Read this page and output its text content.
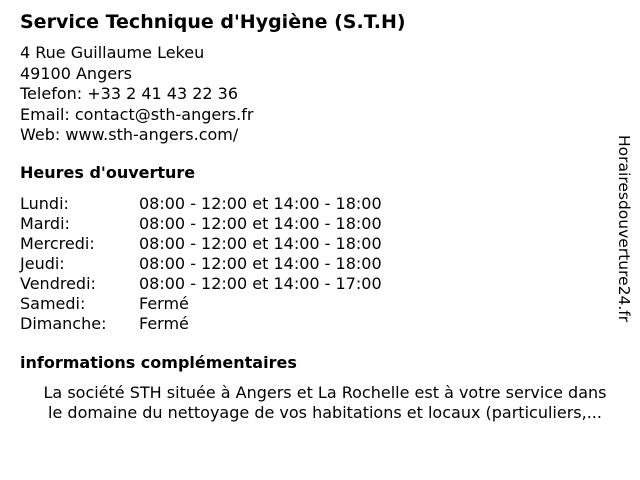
Service Technique d'Hygiène (S.T.H)
4 Rue Guillaume Lekeu
49100 Angers
Telefon: +33 2 41 43 22 36
Email: contact@sth-angers.fr
Web: www.sth-angers.com/
Heures d'ouverture
Lundi:	08:00 - 12:00 et 14:00 - 18:00
Mardi:	08:00 - 12:00 et 14:00 - 18:00
Mercredi:	08:00 - 12:00 et 14:00 - 18:00
Jeudi:	08:00 - 12:00 et 14:00 - 18:00
Vendredi:	08:00 - 12:00 et 14:00 - 17:00
Samedi:	Fermé
Dimanche: Fermé
informations complémentaires
La société STH située à Angers et La Rochelle est à votre service dans
le domaine du nettoyage de vos habitations et locaux (particuliers,...
Horairesdouverture24.fr
